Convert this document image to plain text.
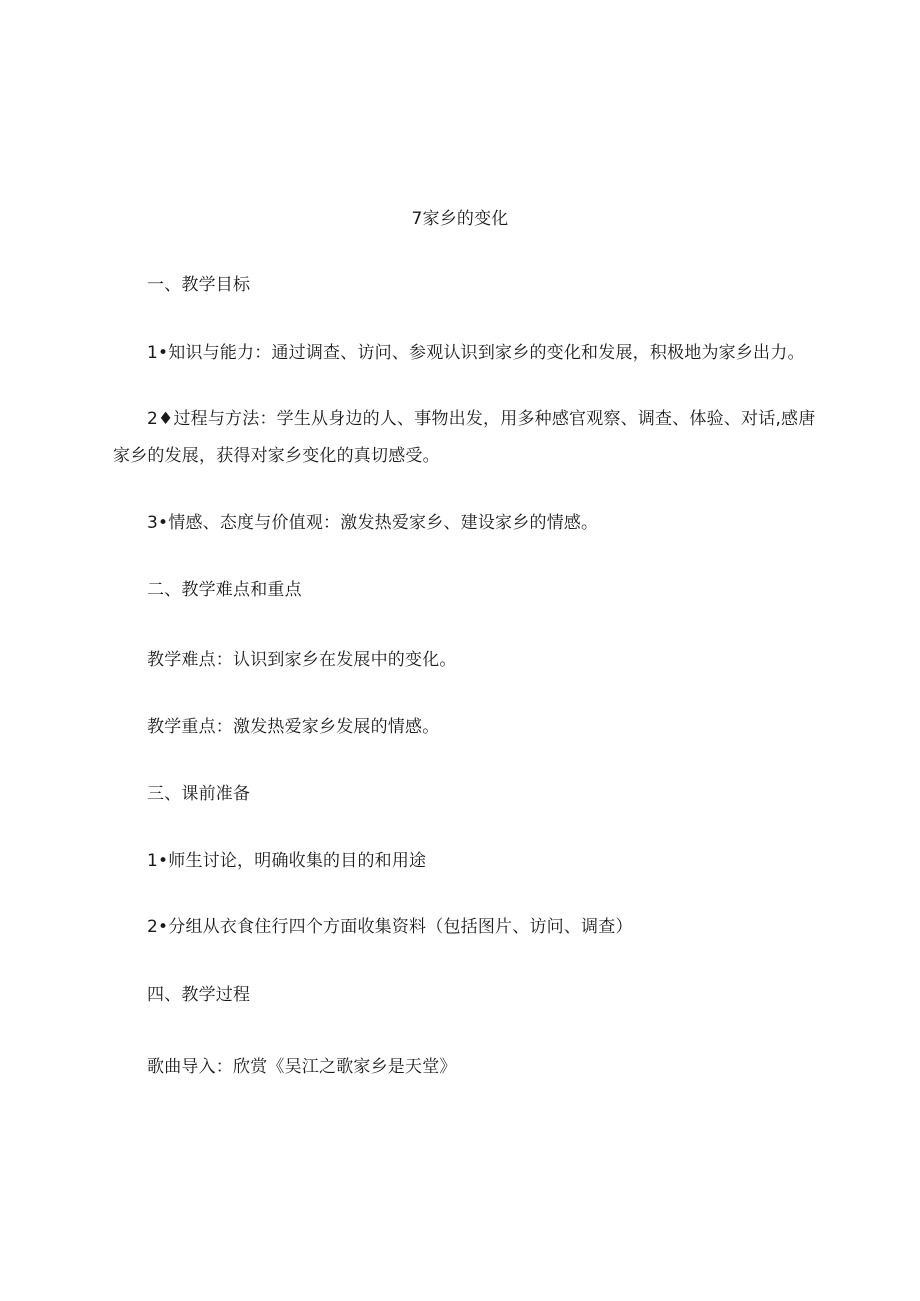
7家乡的变化
一、教学目标
1•知识与能力：通过调查、访问、参观认识到家乡的变化和发展，积极地为家乡出力。
2♦过程与方法：学生从身边的人、事物出发，用多种感官观察、调查、体验、对话,感唐
家乡的发展，获得对家乡变化的真切感受。
3•情感、态度与价值观：激发热爱家乡、建设家乡的情感。
二、教学难点和重点
教学难点：认识到家乡在发展中的变化。
教学重点：激发热爱家乡发展的情感。
三、课前准备
1•师生讨论，明确收集的目的和用途
2•分组从衣食住行四个方面收集资料（包括图片、访问、调查）
四、教学过程
歌曲导入：欣赏《吴江之歌家乡是天堂》
